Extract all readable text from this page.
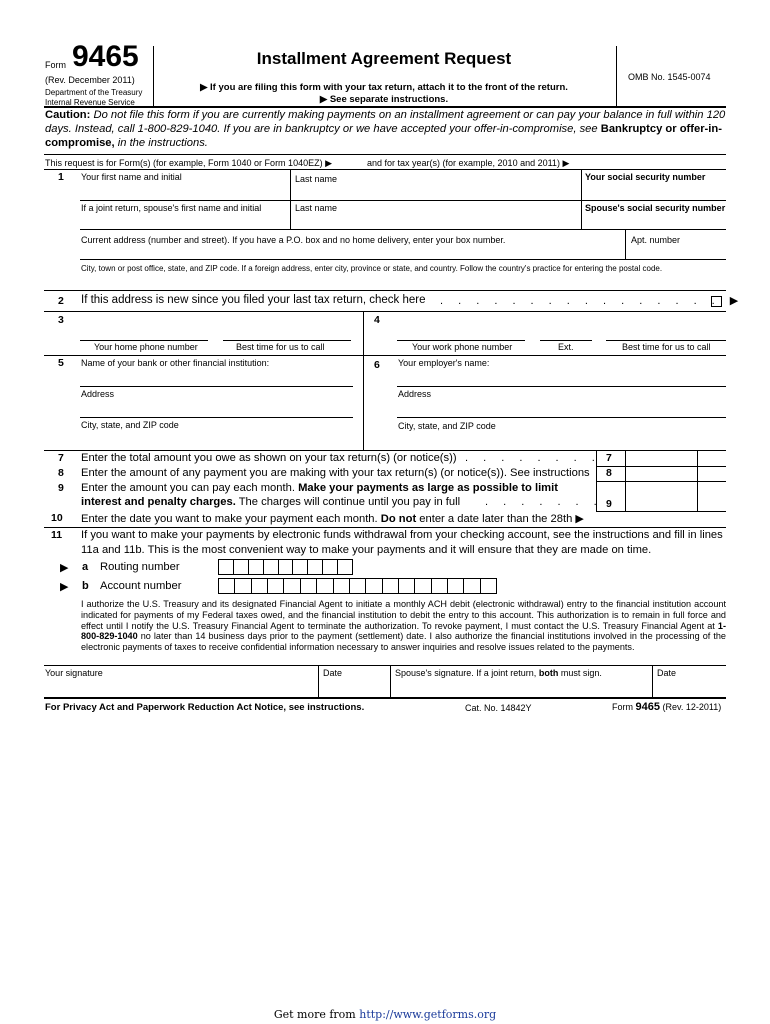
Form 9465
(Rev. December 2011)
Department of the Treasury
Internal Revenue Service
Installment Agreement Request
▶ If you are filing this form with your tax return, attach it to the front of the return.
▶ See separate instructions.
OMB No. 1545-0074
Caution: Do not file this form if you are currently making payments on an installment agreement or can pay your balance in full within 120 days. Instead, call 1-800-829-1040. If you are in bankruptcy or we have accepted your offer-in-compromise, see Bankruptcy or offer-in-compromise, in the instructions.
This request is for Form(s) (for example, Form 1040 or Form 1040EZ) ▶	and for tax year(s) (for example, 2010 and 2011) ▶
1 Your first name and initial	Last name	Your social security number
If a joint return, spouse's first name and initial	Last name	Spouse's social security number
Current address (number and street). If you have a P.O. box and no home delivery, enter your box number.	Apt. number
City, town or post office, state, and ZIP code. If a foreign address, enter city, province or state, and country. Follow the country's practice for entering the postal code.
2 If this address is new since you filed your last tax return, check here . . . . . . . . . . . . . . . . ▶
3	4
Your home phone number	Best time for us to call	Your work phone number	Ext.	Best time for us to call
5 Name of your bank or other financial institution:	6 Your employer's name:
Address	Address
City, state, and ZIP code	City, state, and ZIP code
7 Enter the total amount you owe as shown on your tax return(s) (or notice(s)) . . . . . . . . 7
8 Enter the amount of any payment you are making with your tax return(s) (or notice(s)). See instructions 8
9 Enter the amount you can pay each month. Make your payments as large as possible to limit
interest and penalty charges. The charges will continue until you pay in full . . . . . . . 9
10 Enter the date you want to make your payment each month. Do not enter a date later than the 28th ▶
11 If you want to make your payments by electronic funds withdrawal from your checking account, see the instructions and fill in lines 11a and 11b. This is the most convenient way to make your payments and it will ensure that they are made on time.
▶ a Routing number
▶ b Account number
I authorize the U.S. Treasury and its designated Financial Agent to initiate a monthly ACH debit (electronic withdrawal) entry to the financial institution account indicated for payments of my Federal taxes owed, and the financial institution to debit the entry to this account. This authorization is to remain in full force and effect until I notify the U.S. Treasury Financial Agent to terminate the authorization. To revoke payment, I must contact the U.S. Treasury Financial Agent at 1-800-829-1040 no later than 14 business days prior to the payment (settlement) date. I also authorize the financial institutions involved in the processing of the electronic payments of taxes to receive confidential information necessary to answer inquiries and resolve issues related to the payments.
Your signature	Date	Spouse's signature. If a joint return, both must sign.	Date
For Privacy Act and Paperwork Reduction Act Notice, see instructions.	Cat. No. 14842Y	Form 9465 (Rev. 12-2011)
Get more from http://www.getforms.org
